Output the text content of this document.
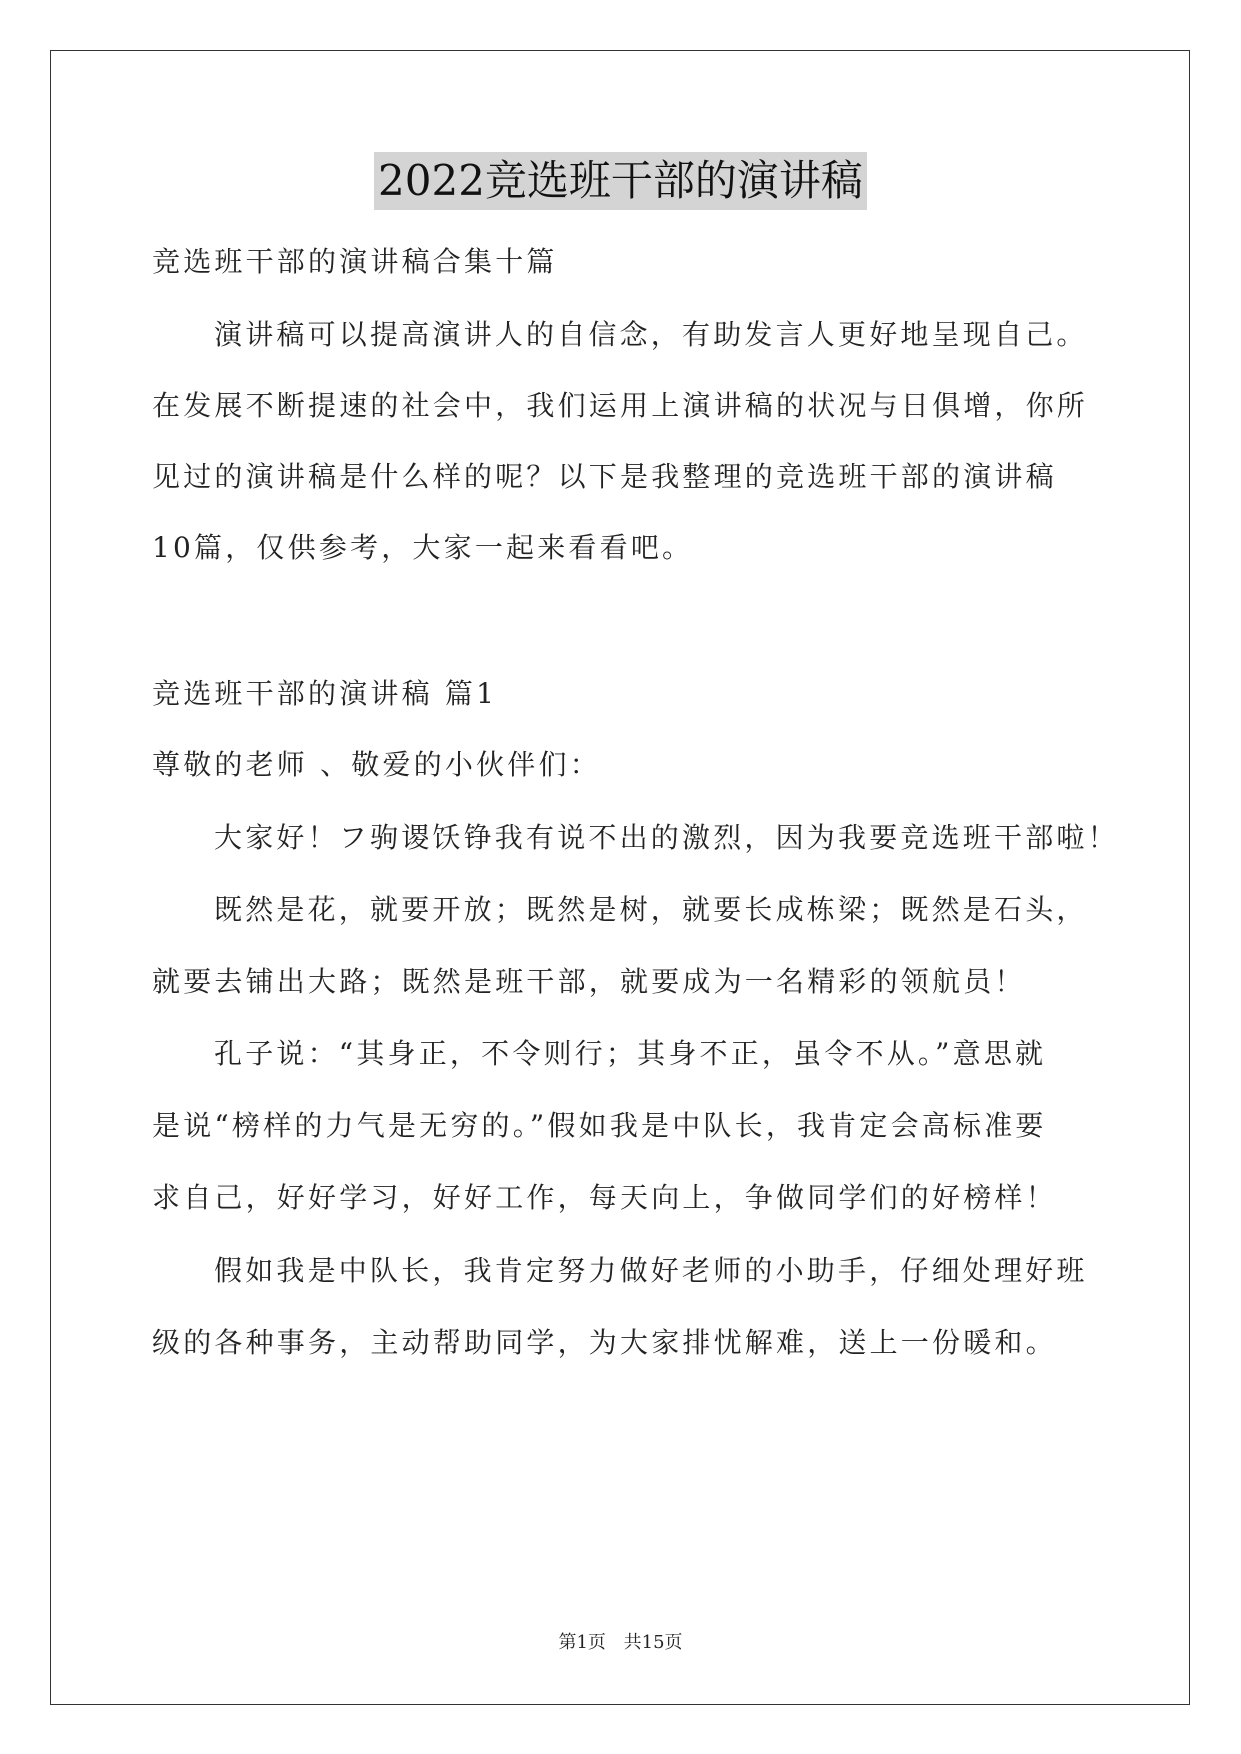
2022竞选班干部的演讲稿
竞选班干部的演讲稿合集十篇
演讲稿可以提高演讲人的自信念，有助发言人更好地呈现自己。
在发展不断提速的社会中，我们运用上演讲稿的状况与日俱增，你所
见过的演讲稿是什么样的呢？以下是我整理的竞选班干部的演讲稿
10篇，仅供参考，大家一起来看看吧。
竞选班干部的演讲稿 篇1
尊敬的老师 、敬爱的小伙伴们：
大家好！フ驹谡饫铮我有说不出的激烈，因为我要竞选班干部啦！
既然是花，就要开放；既然是树，就要长成栋梁；既然是石头，
就要去铺出大路；既然是班干部，就要成为一名精彩的领航员！
孔子说：“其身正，不令则行；其身不正，虽令不从。”意思就
是说“榜样的力气是无穷的。”假如我是中队长，我肯定会高标准要
求自己，好好学习，好好工作，每天向上，争做同学们的好榜样！
假如我是中队长，我肯定努力做好老师的小助手，仔细处理好班
级的各种事务，主动帮助同学，为大家排忧解难，送上一份暖和。
第1页 共15页
